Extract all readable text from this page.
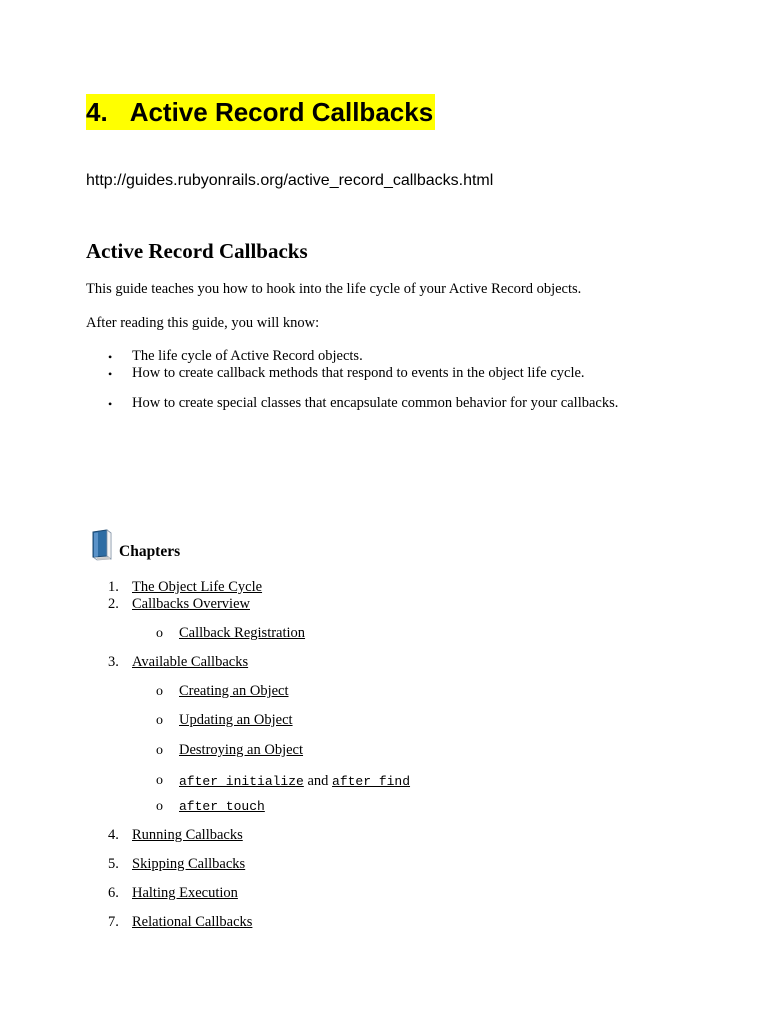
4. Active Record Callbacks
http://guides.rubyonrails.org/active_record_callbacks.html
Active Record Callbacks
This guide teaches you how to hook into the life cycle of your Active Record objects.
After reading this guide, you will know:
• The life cycle of Active Record objects.
• How to create callback methods that respond to events in the object life cycle.
• How to create special classes that encapsulate common behavior for your callbacks.
Chapters
1. The Object Life Cycle
2. Callbacks Overview
o Callback Registration
3. Available Callbacks
o Creating an Object
o Updating an Object
o Destroying an Object
o after_initialize and after_find
o after_touch
4. Running Callbacks
5. Skipping Callbacks
6. Halting Execution
7. Relational Callbacks
